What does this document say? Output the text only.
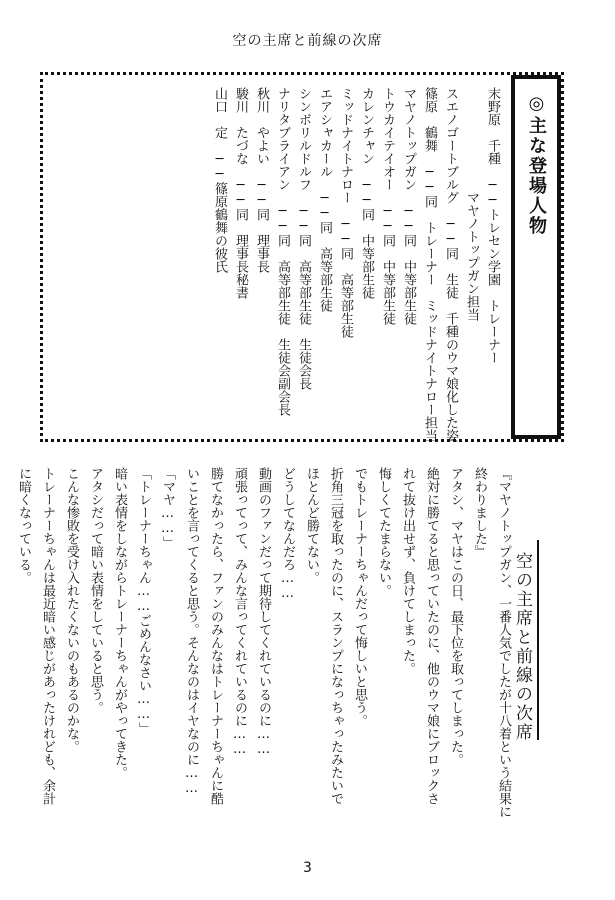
空の主席と前線の次席
◎主な登場人物
末野原　千種　──トレセン学園　トレーナー
　　　　　　　　マヤノトップガン担当
スエノゴートブルグ　──同　生徒　千種のウマ娘化した姿
篠原　鶴舞　──同　トレーナー　ミッドナイトナロー担当
マヤノトップガン　──同　中等部生徒
トウカイテイオー　──同　中等部生徒
カレンチャン　──同　中等部生徒
ミッドナイトナロー　──同　高等部生徒
エアシャカール　──同　高等部生徒
シンボリルドルフ　──同　高等部生徒　生徒会長
ナリタブライアン　──同　高等部生徒　生徒会副会長
秋川　やよい　──同　理事長
駿川　たづな　──同　理事長秘書
山口　定　──篠原鶴舞の彼氏
空の主席と前線の次席
『マヤノトップガン、一番人気でしたが十八着という結果に
終わりました』
アタシ、マヤはこの日、最下位を取ってしまった。
絶対に勝てると思っていたのに、他のウマ娘にブロックさ
れて抜け出せず、負けてしまった。
悔しくてたまらない。
でもトレーナーちゃんだって悔しいと思う。
折角三冠を取ったのに、スランプになっちゃったみたいで
ほとんど勝てない。
どうしてなんだろ……
動画のファンだって期待してくれているのに……
頑張ってって、みんな言ってくれているのに……
勝てなかったら、ファンのみんなはトレーナーちゃんに酷
いことを言ってくると思う。そんなのはイヤなのに……
「マヤ……」
「トレーナーちゃん……ごめんなさい……」
暗い表情をしながらトレーナーちゃんがやってきた。
アタシだって暗い表情をしていると思う。
こんな惨敗を受け入れたくないのもあるのかな。
トレーナーちゃんは最近暗い感じがあったけれども、余計
に暗くなっている。
3
